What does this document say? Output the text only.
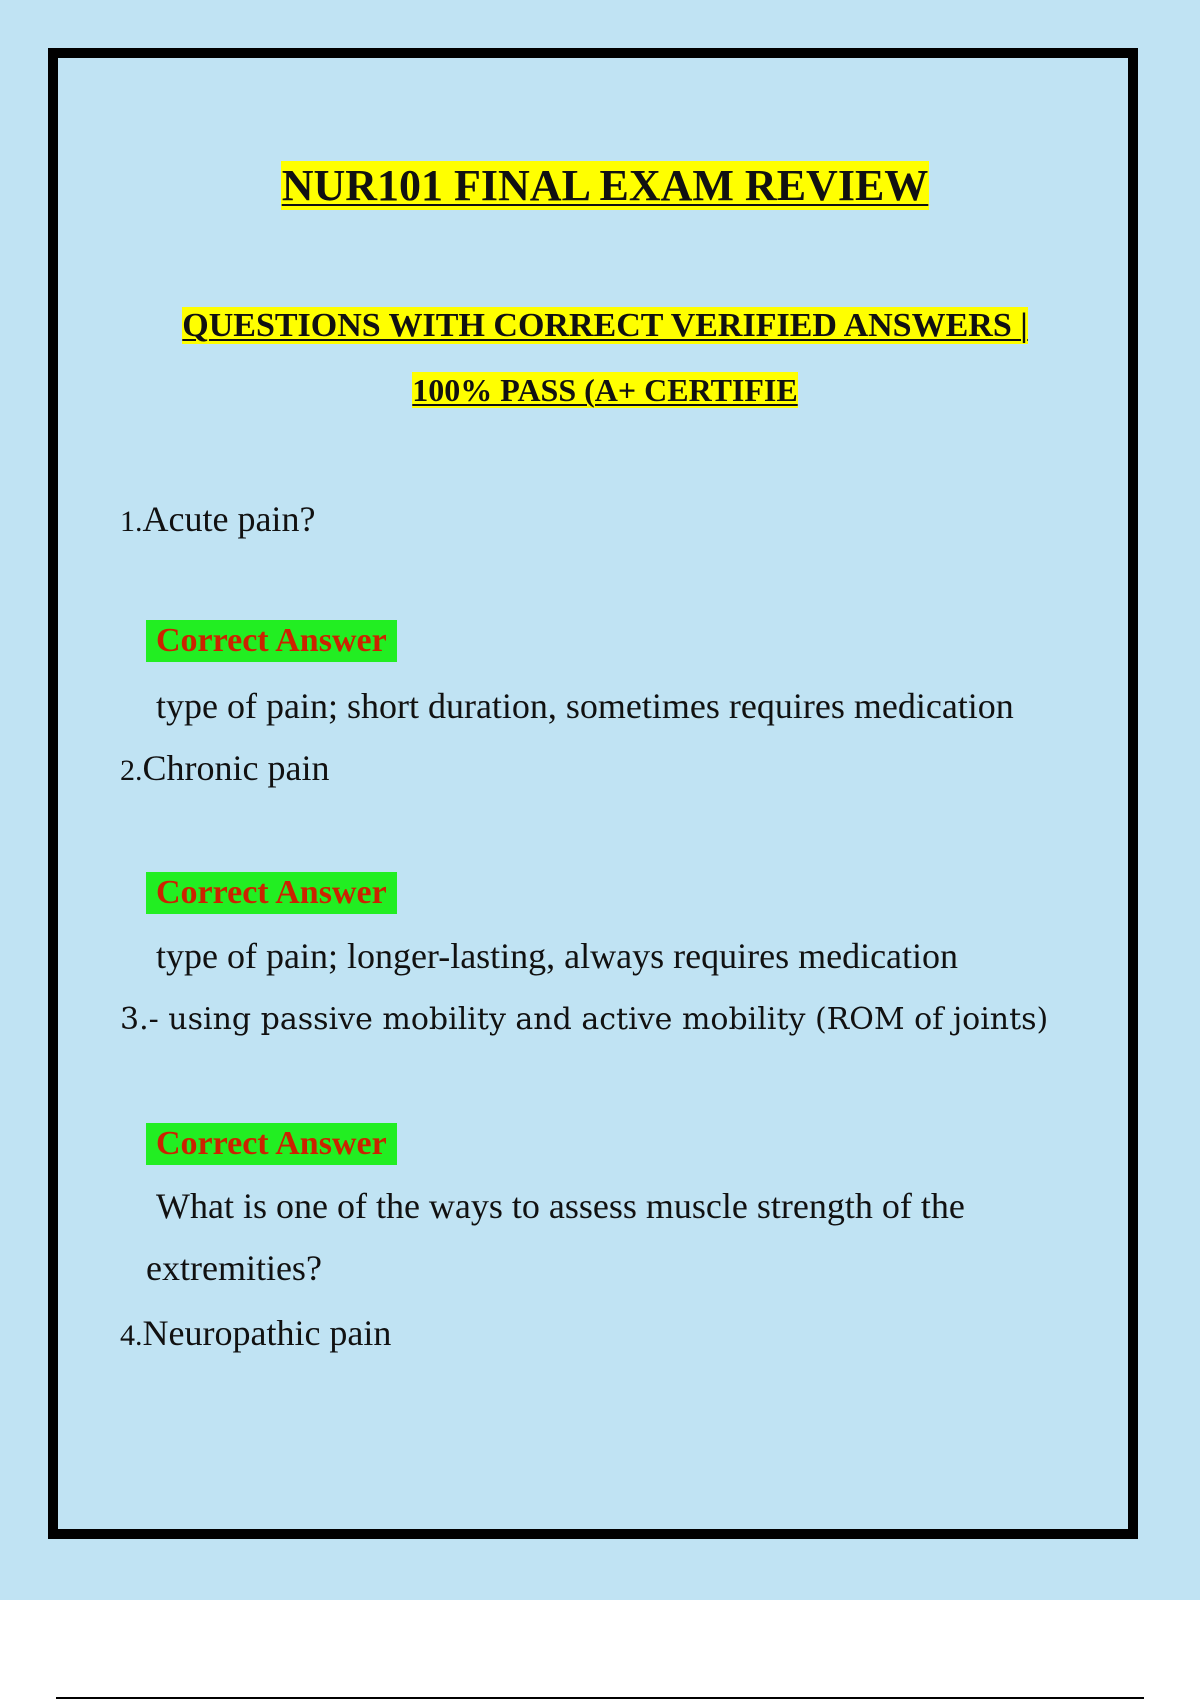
NUR101 FINAL EXAM REVIEW
QUESTIONS WITH CORRECT VERIFIED ANSWERS |
100% PASS (A+ CERTIFIE
1.Acute pain?
Correct Answer
type of pain; short duration, sometimes requires medication
2.Chronic pain
Correct Answer
type of pain; longer-lasting, always requires medication
3.- using passive mobility and active mobility (ROM of joints)
Correct Answer
What is one of the ways to assess muscle strength of the extremities?
4.Neuropathic pain
